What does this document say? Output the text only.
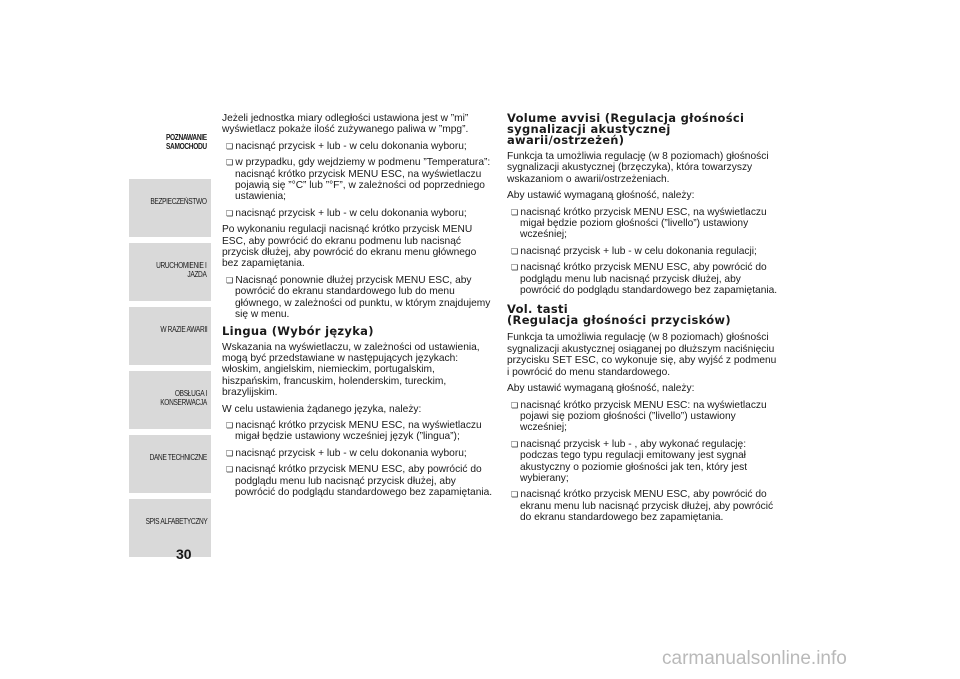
POZNAWANIE
SAMOCHODU
BEZPIECZEŃSTWO
URUCHOMIENIE I
JAZDA
W RAZIE AWARII
OBSŁUGA I
KONSERWACJA
DANE TECHNICZNE
SPIS ALFABETYCZNY
30

Jeżeli jednostka miary odległości ustawiona jest w ”mi” wyświetlacz pokaże ilość zużywanego paliwa w ”mpg”.

❏ nacisnąć przycisk + lub - w celu dokonania wyboru;

❏ w przypadku, gdy wejdziemy w podmenu ”Temperatura”: nacisnąć krótko przycisk MENU ESC, na wyświetlaczu pojawią się ”°C” lub ”°F”, w zależności od poprzedniego ustawienia;

❏ nacisnąć przycisk + lub - w celu dokonania wyboru;

Po wykonaniu regulacji nacisnąć krótko przycisk MENU ESC, aby powrócić do ekranu podmenu lub nacisnąć przycisk dłużej, aby powrócić do ekranu menu głównego bez zapamiętania.

❏ Nacisnąć ponownie dłużej przycisk MENU ESC, aby powrócić do ekranu standardowego lub do menu głównego, w zależności od punktu, w którym znajdujemy się w menu.

Lingua (Wybór języka)

Wskazania na wyświetlaczu, w zależności od ustawienia, mogą być przedstawiane w następujących językach: włoskim, angielskim, niemieckim, portugalskim, hiszpańskim, francuskim, holenderskim, tureckim, brazylijskim.

W celu ustawienia żądanego języka, należy:

❏ nacisnąć krótko przycisk MENU ESC, na wyświetlaczu migał będzie ustawiony wcześniej język (”lingua”);

❏ nacisnąć przycisk + lub - w celu dokonania wyboru;

❏ nacisnąć krótko przycisk MENU ESC, aby powrócić do podglądu menu lub nacisnąć przycisk dłużej, aby powrócić do podglądu standardowego bez zapamiętania.

Volume avvisi (Regulacja głośności sygnalizacji akustycznej awarii/ostrzeżeń)

Funkcja ta umożliwia regulację (w 8 poziomach) głośności sygnalizacji akustycznej (brzęczyka), która towarzyszy wskazaniom o awarii/ostrzeżeniach.

Aby ustawić wymaganą głośność, należy:

❏ nacisnąć krótko przycisk MENU ESC, na wyświetlaczu migał będzie poziom głośności (”livello”) ustawiony wcześniej;

❏ nacisnąć przycisk + lub - w celu dokonania regulacji;

❏ nacisnąć krótko przycisk MENU ESC, aby powrócić do podglądu menu lub nacisnąć przycisk dłużej, aby powrócić do podglądu standardowego bez zapamiętania.

Vol. tasti

(Regulacja głośności przycisków)

Funkcja ta umożliwia regulację (w 8 poziomach) głośności sygnalizacji akustycznej osiąganej po dłuższym naciśnięciu przycisku SET ESC, co wykonuje się, aby wyjść z podmenu i powrócić do menu standardowego.

Aby ustawić wymaganą głośność, należy:

❏ nacisnąć krótko przycisk MENU ESC: na wyświetlaczu pojawi się poziom głośności (”livello”) ustawiony wcześniej;

❏ nacisnąć przycisk + lub - , aby wykonać regulację: podczas tego typu regulacji emitowany jest sygnał akustyczny o poziomie głośności jak ten, który jest wybierany;

❏ nacisnąć krótko przycisk MENU ESC, aby powrócić do ekranu menu lub nacisnąć przycisk dłużej, aby powrócić do ekranu standardowego bez zapamiętania.

carmanualsonline.info
